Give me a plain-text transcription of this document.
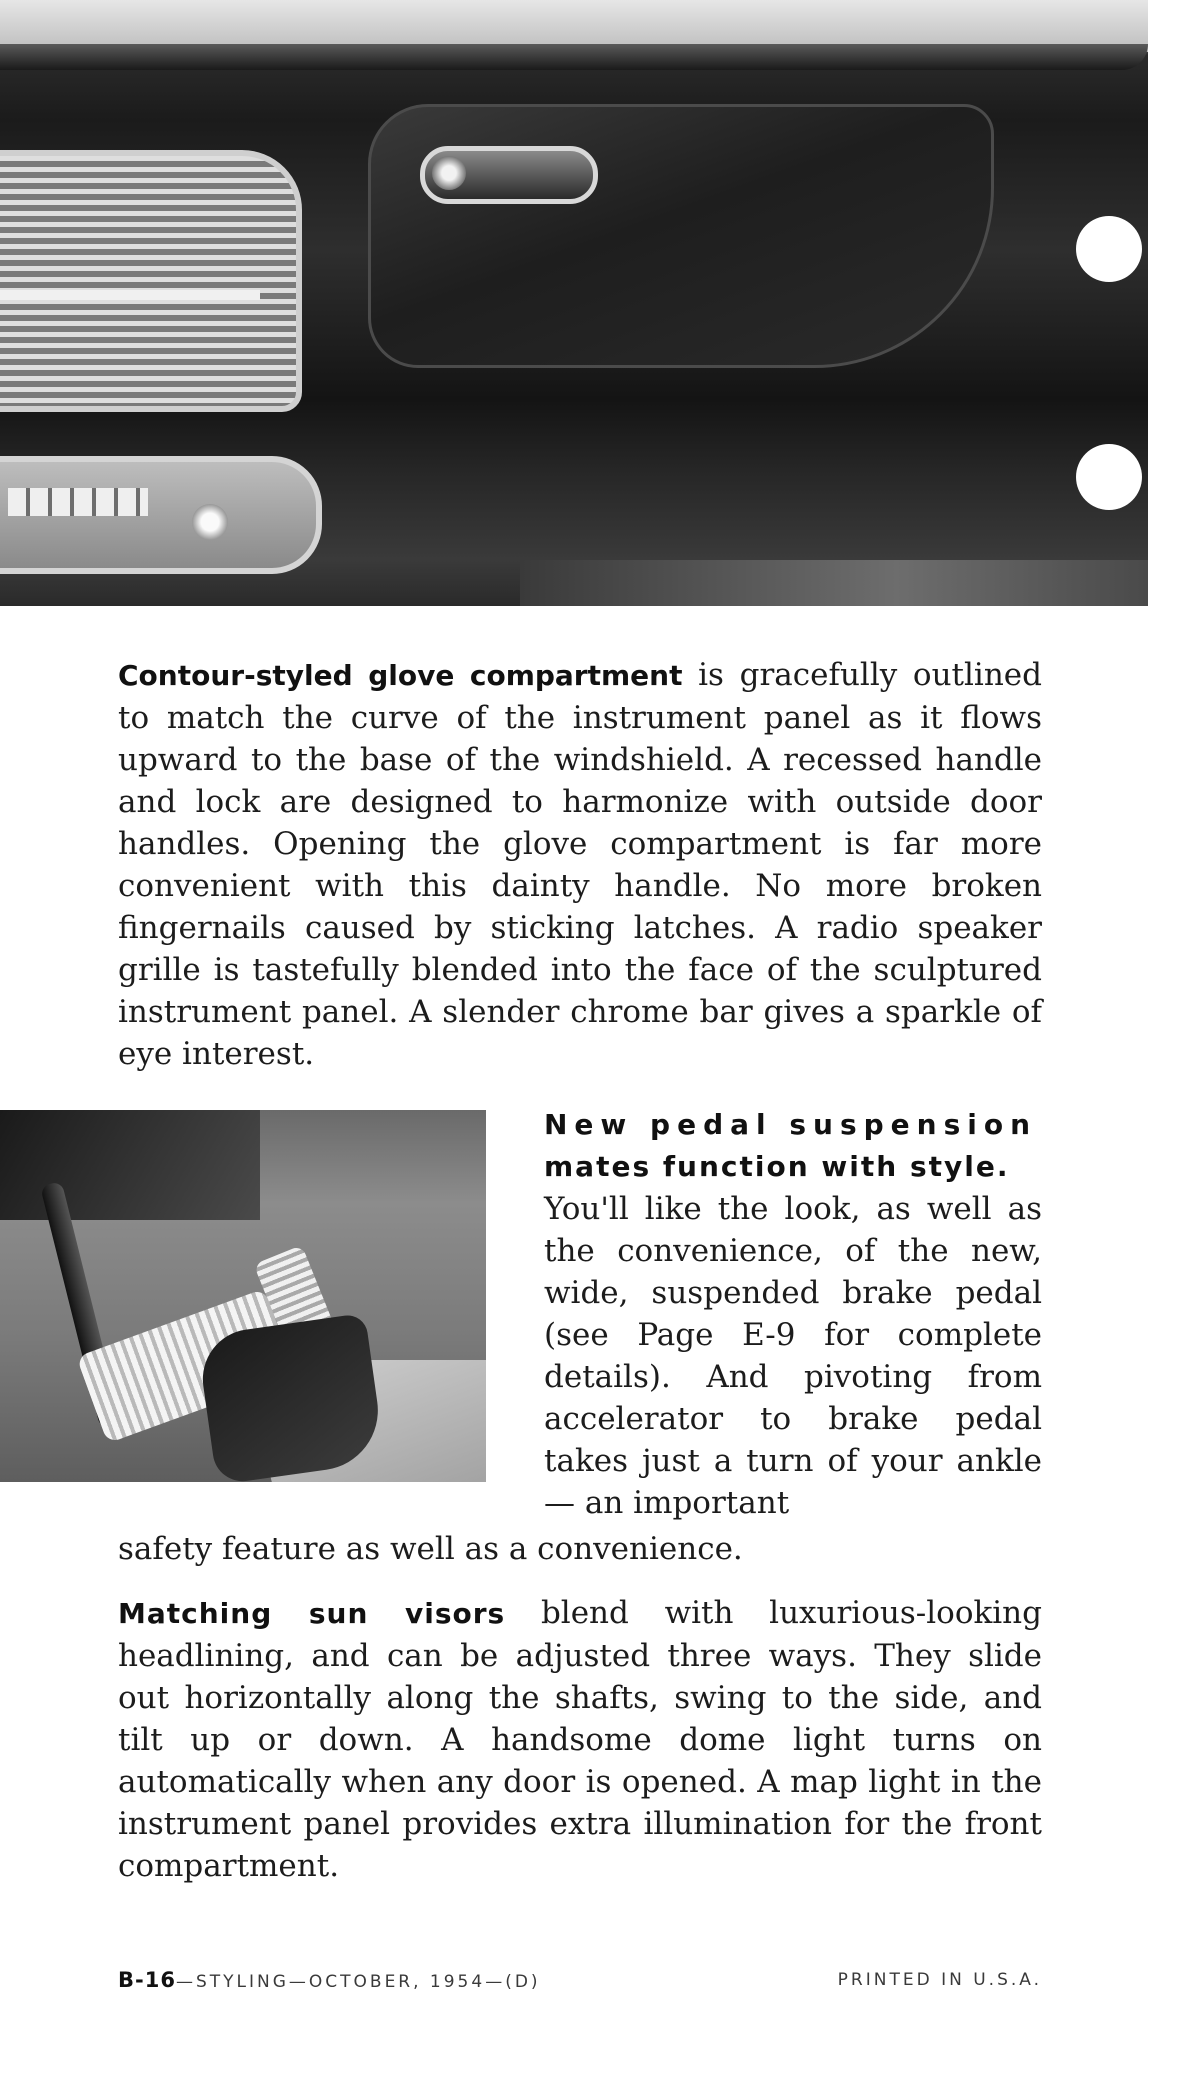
Contour-styled glove compartment is gracefully outlined to match the curve of the instrument panel as it flows upward to the base of the windshield. A recessed handle and lock are designed to harmonize with outside door handles. Opening the glove compartment is far more convenient with this dainty handle. No more broken fingernails caused by sticking latches. A radio speaker grille is tastefully blended into the face of the sculptured instrument panel. A slender chrome bar gives a sparkle of eye interest.
New pedal suspension
mates function with style.
You'll like the look, as well as the convenience, of the new, wide, suspended brake pedal (see Page E-9 for complete details). And pivoting from accelerator to brake pedal takes just a turn of your ankle — an important
safety feature as well as a convenience.
Matching sun visors blend with luxurious-looking headlining, and can be adjusted three ways. They slide out horizontally along the shafts, swing to the side, and tilt up or down. A handsome dome light turns on automatically when any door is opened. A map light in the instrument panel provides extra illumination for the front compartment.
B-16—STYLING—OCTOBER, 1954—(D)	PRINTED IN U.S.A.
